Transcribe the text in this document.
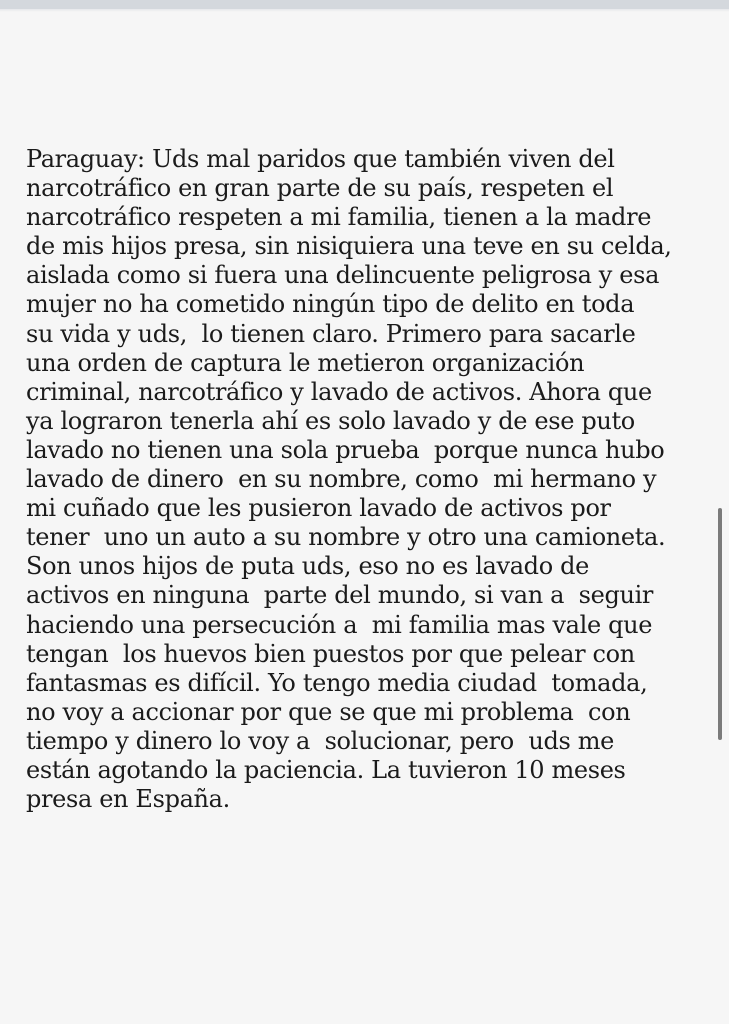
Paraguay: Uds mal paridos que también viven del
narcotráfico en gran parte de su país, respeten el
narcotráfico respeten a mi familia, tienen a la madre
de mis hijos presa, sin nisiquiera una teve en su celda,
aislada como si fuera una delincuente peligrosa y esa
mujer no ha cometido ningún tipo de delito en toda
su vida y uds,  lo tienen claro. Primero para sacarle
una orden de captura le metieron organización
criminal, narcotráfico y lavado de activos. Ahora que
ya lograron tenerla ahí es solo lavado y de ese puto
lavado no tienen una sola prueba  porque nunca hubo
lavado de dinero  en su nombre, como  mi hermano y
mi cuñado que les pusieron lavado de activos por
tener  uno un auto a su nombre y otro una camioneta.
Son unos hijos de puta uds, eso no es lavado de
activos en ninguna  parte del mundo, si van a  seguir
haciendo una persecución a  mi familia mas vale que
tengan  los huevos bien puestos por que pelear con
fantasmas es difícil. Yo tengo media ciudad  tomada,
no voy a accionar por que se que mi problema  con
tiempo y dinero lo voy a  solucionar, pero  uds me
están agotando la paciencia. La tuvieron 10 meses
presa en España.
